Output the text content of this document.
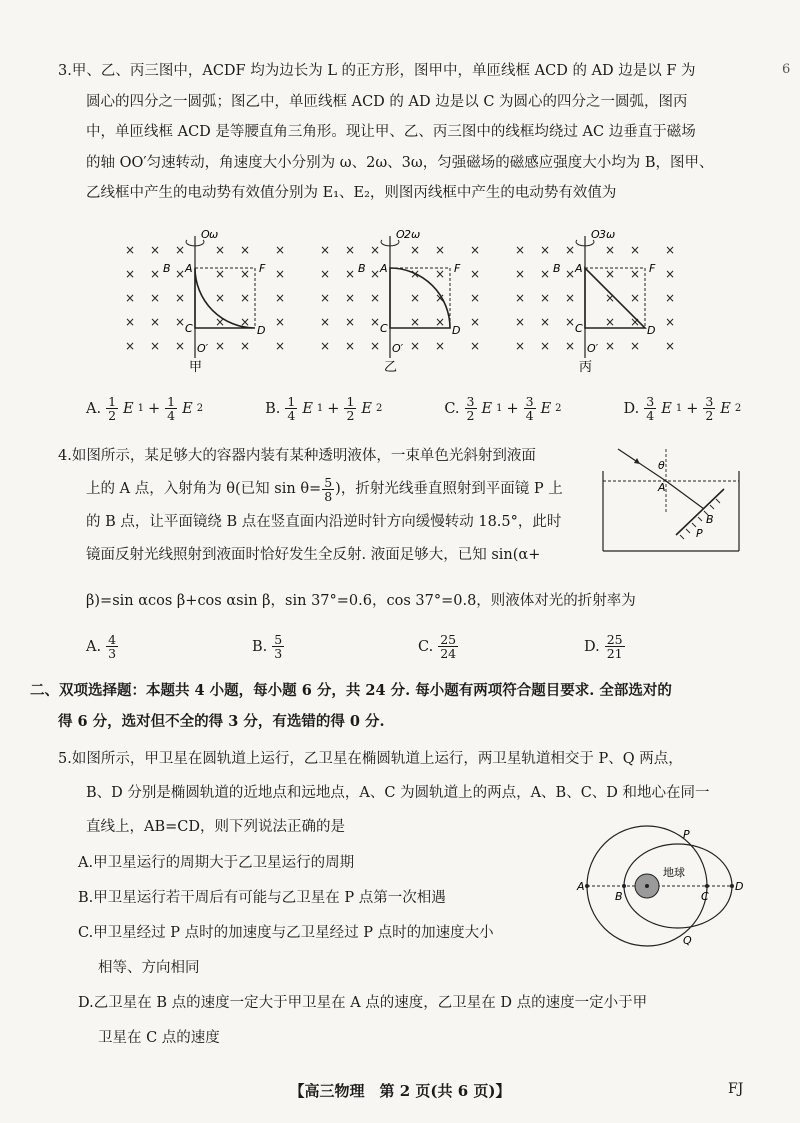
6

3.甲、乙、丙三图中，ACDF 均为边长为 L 的正方形，图甲中，单匝线框 ACD 的 AD 边是以 F 为

圆心的四分之一圆弧；图乙中，单匝线框 ACD 的 AD 边是以 C 为圆心的四分之一圆弧，图丙

中，单匝线框 ACD 是等腰直角三角形。现让甲、乙、丙三图中的线框均绕过 AC 边垂直于磁场

的轴 OO′匀速转动，角速度大小分别为 ω、2ω、3ω，匀强磁场的磁感应强度大小均为 B，图甲、

乙线框中产生的电动势有效值分别为 E₁、E₂，则图丙线框中产生的电动势有效值为

× × × × × ×
× × × × × ×
× × × × × ×
× × × × × ×
× × × × × ×
O ω
B A	F
C	D
O′
甲
× × × × × ×
× × × × × ×
× × × × × ×
× × × × × ×
× × × × × ×
O 2ω
B A	F
C	D
O′
乙
× × × × × ×
× × × × × ×
× × × × × ×
× × × × × ×
× × × × × ×
O 3ω
B A	F
C	D
O′
丙
A. $\frac{1}{2}$ E $1 + \frac{1}{4}$ E 2	B. $\frac{1}{4}$ E $1 + \frac{1}{2}$ E 2	C. $\frac{3}{2}$ E $1 + \frac{3}{4}$ E 2	D. $\frac{3}{4}$ E $1 + \frac{3}{2}$ E 2

4.如图所示，某足够大的容器内装有某种透明液体，一束单色光斜射到液面

上的 A 点，入射角为 θ(已知 $\sin \theta= \frac{5}{8}$ )，折射光线垂直照射到平面镜 P 上

的 B 点，让平面镜绕 B 点在竖直面内沿逆时针方向缓慢转动 18.5°，此时

镜面反射光线照射到液面时恰好发生全反射. 液面足够大，已知 sin(α+

β)=sin αcos β+cos αsin β，sin 37°=0.6，cos 37°=0.8，则液体对光的折射率为
θ
A
B
P
A. $\frac{4}{3}$	B. $\frac{5}{3}$	C. $\frac{25}{24}$	D. $\frac{25}{21}$

二、双项选择题：本题共 4 小题，每小题 6 分，共 24 分. 每小题有两项符合题目要求. 全部选对的

得 6 分，选对但不全的得 3 分，有选错的得 0 分.

5.如图所示，甲卫星在圆轨道上运行，乙卫星在椭圆轨道上运行，两卫星轨道相交于 P、Q 两点，

B、D 分别是椭圆轨道的近地点和远地点，A、C 为圆轨道上的两点，A、B、C、D 和地心在同一

直线上，AB=CD，则下列说法正确的是

A.甲卫星运行的周期大于乙卫星运行的周期

B.甲卫星运行若干周后有可能与乙卫星在 P 点第一次相遇

C.甲卫星经过 P 点时的加速度与乙卫星经过 P 点时的加速度大小

相等、方向相同

D.乙卫星在 B 点的速度一定大于甲卫星在 A 点的速度，乙卫星在 D 点的速度一定小于甲

卫星在 C 点的速度

地球
A
B	C
D
P
Q
【高三物理　第 2 页(共 6 页)】	FJ
